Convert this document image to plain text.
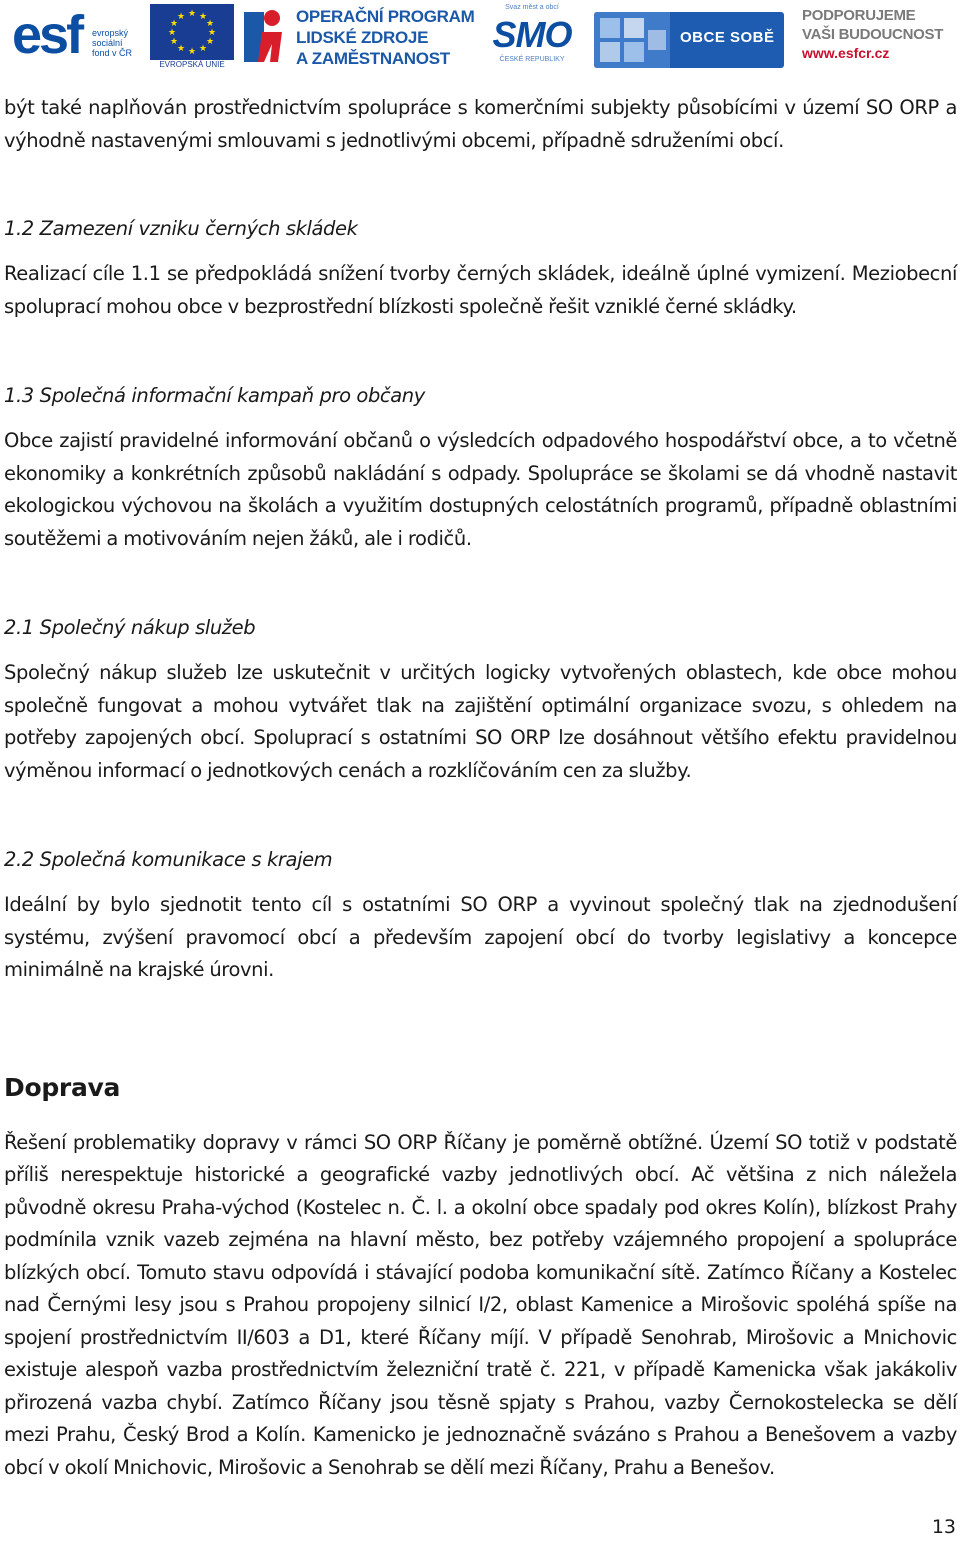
esf evropský
sociální
fond v ČR
★ ★
★
★
★
★
★
★
★
★
★
★
EVROPSKÁ UNIE
OPERAČNÍ PROGRAM
LIDSKÉ ZDROJE
A ZAMĚSTNANOST
Svaz měst a obcí
SMO
ČESKÉ REPUBLIKY
OBCE SOBĚ
PODPORUJEME
VAŠI BUDOUCNOST
www.esfcr.cz

být také naplňován prostřednictvím spolupráce s komerčními subjekty působícími v území SO ORP a výhodně nastavenými smlouvami s jednotlivými obcemi, případně sdruženími obcí.

1.2 Zamezení vzniku černých skládek

Realizací cíle 1.1 se předpokládá snížení tvorby černých skládek, ideálně úplné vymizení. Meziobecní spoluprací mohou obce v bezprostřední blízkosti společně řešit vzniklé černé skládky.

1.3 Společná informační kampaň pro občany

Obce zajistí pravidelné informování občanů o výsledcích odpadového hospodářství obce, a to včetně ekonomiky a konkrétních způsobů nakládání s odpady. Spolupráce se školami se dá vhodně nastavit ekologickou výchovou na školách a využitím dostupných celostátních programů, případně oblastními soutěžemi a motivováním nejen žáků, ale i rodičů.

2.1 Společný nákup služeb

Společný nákup služeb lze uskutečnit v určitých logicky vytvořených oblastech, kde obce mohou společně fungovat a mohou vytvářet tlak na zajištění optimální organizace svozu, s ohledem na potřeby zapojených obcí. Spoluprací s ostatními SO ORP lze dosáhnout většího efektu pravidelnou výměnou informací o jednotkových cenách a rozklíčováním cen za služby.

2.2 Společná komunikace s krajem

Ideální by bylo sjednotit tento cíl s ostatními SO ORP a vyvinout společný tlak na zjednodušení systému, zvýšení pravomocí obcí a především zapojení obcí do tvorby legislativy a koncepce minimálně na krajské úrovni.

Doprava

Řešení problematiky dopravy v rámci SO ORP Říčany je poměrně obtížné. Území SO totiž v podstatě příliš nerespektuje historické a geografické vazby jednotlivých obcí. Ač většina z nich náležela původně okresu Praha-východ (Kostelec n. Č. l. a okolní obce spadaly pod okres Kolín), blízkost Prahy podmínila vznik vazeb zejména na hlavní město, bez potřeby vzájemného propojení a spolupráce blízkých obcí. Tomuto stavu odpovídá i stávající podoba komunikační sítě. Zatímco Říčany a Kostelec nad Černými lesy jsou s Prahou propojeny silnicí I/2, oblast Kamenice a Mirošovic spoléhá spíše na spojení prostřednictvím II/603 a D1, které Říčany míjí. V případě Senohrab, Mirošovic a Mnichovic existuje alespoň vazba prostřednictvím železniční tratě č. 221, v případě Kamenicka však jakákoliv přirozená vazba chybí. Zatímco Říčany jsou těsně spjaty s Prahou, vazby Černokostelecka se dělí mezi Prahu, Český Brod a Kolín. Kamenicko je jednoznačně svázáno s Prahou a Benešovem a vazby obcí v okolí Mnichovic, Mirošovic a Senohrab se dělí mezi Říčany, Prahu a Benešov.

13
